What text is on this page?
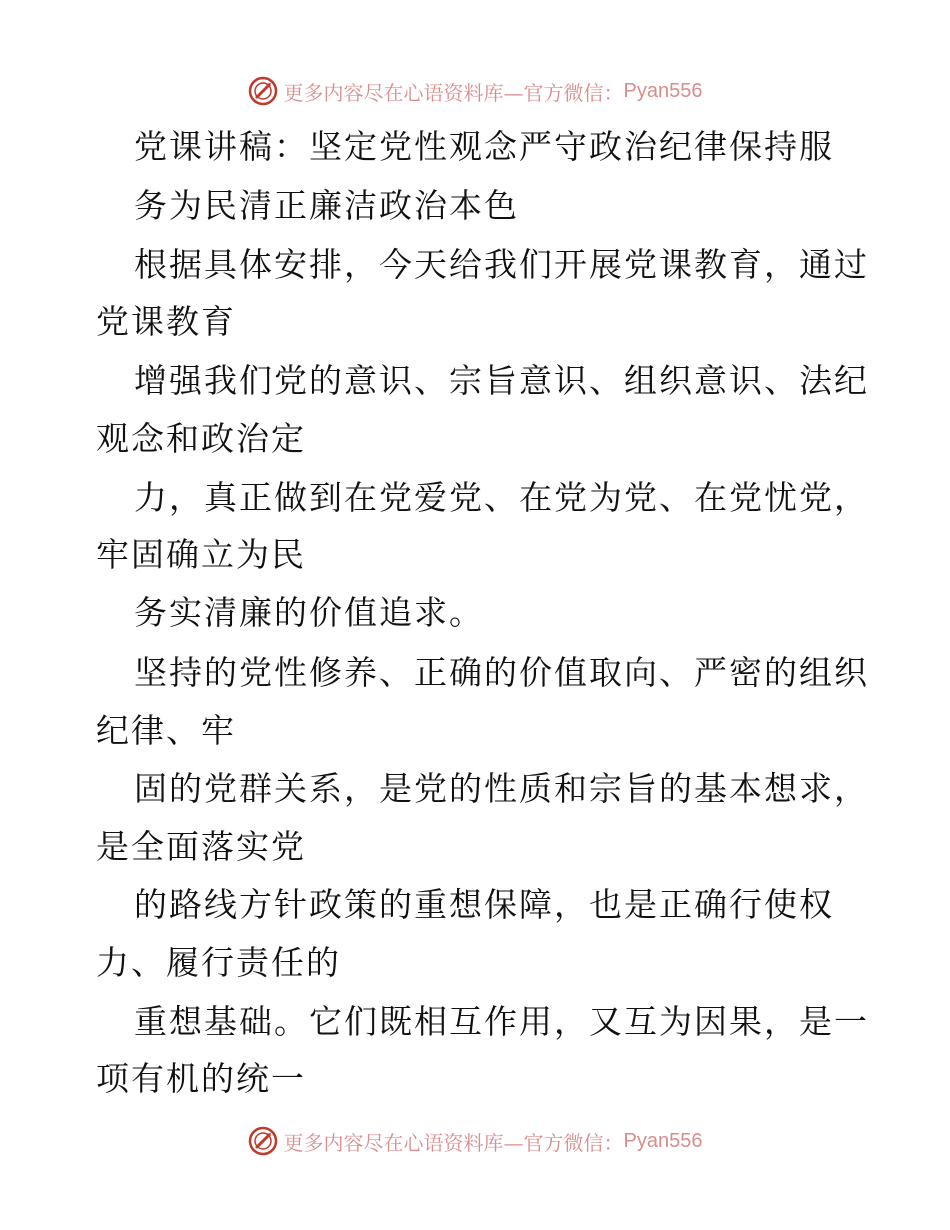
更多内容尽在心语资料库—官方微信： Pyan556
党课讲稿：坚定党性观念严守政治纪律保持服
务为民清正廉洁政治本色
根据具体安排，今天给我们开展党课教育，通过
党课教育
增强我们党的意识、宗旨意识、组织意识、法纪
观念和政治定
力，真正做到在党爱党、在党为党、在党忧党，
牢固确立为民
务实清廉的价值追求。
坚持的党性修养、正确的价值取向、严密的组织
纪律、牢
固的党群关系，是党的性质和宗旨的基本想求，
是全面落实党
的路线方针政策的重想保障，也是正确行使权
力、履行责任的
重想基础。它们既相互作用，又互为因果，是一
项有机的统一
更多内容尽在心语资料库—官方微信： Pyan556
